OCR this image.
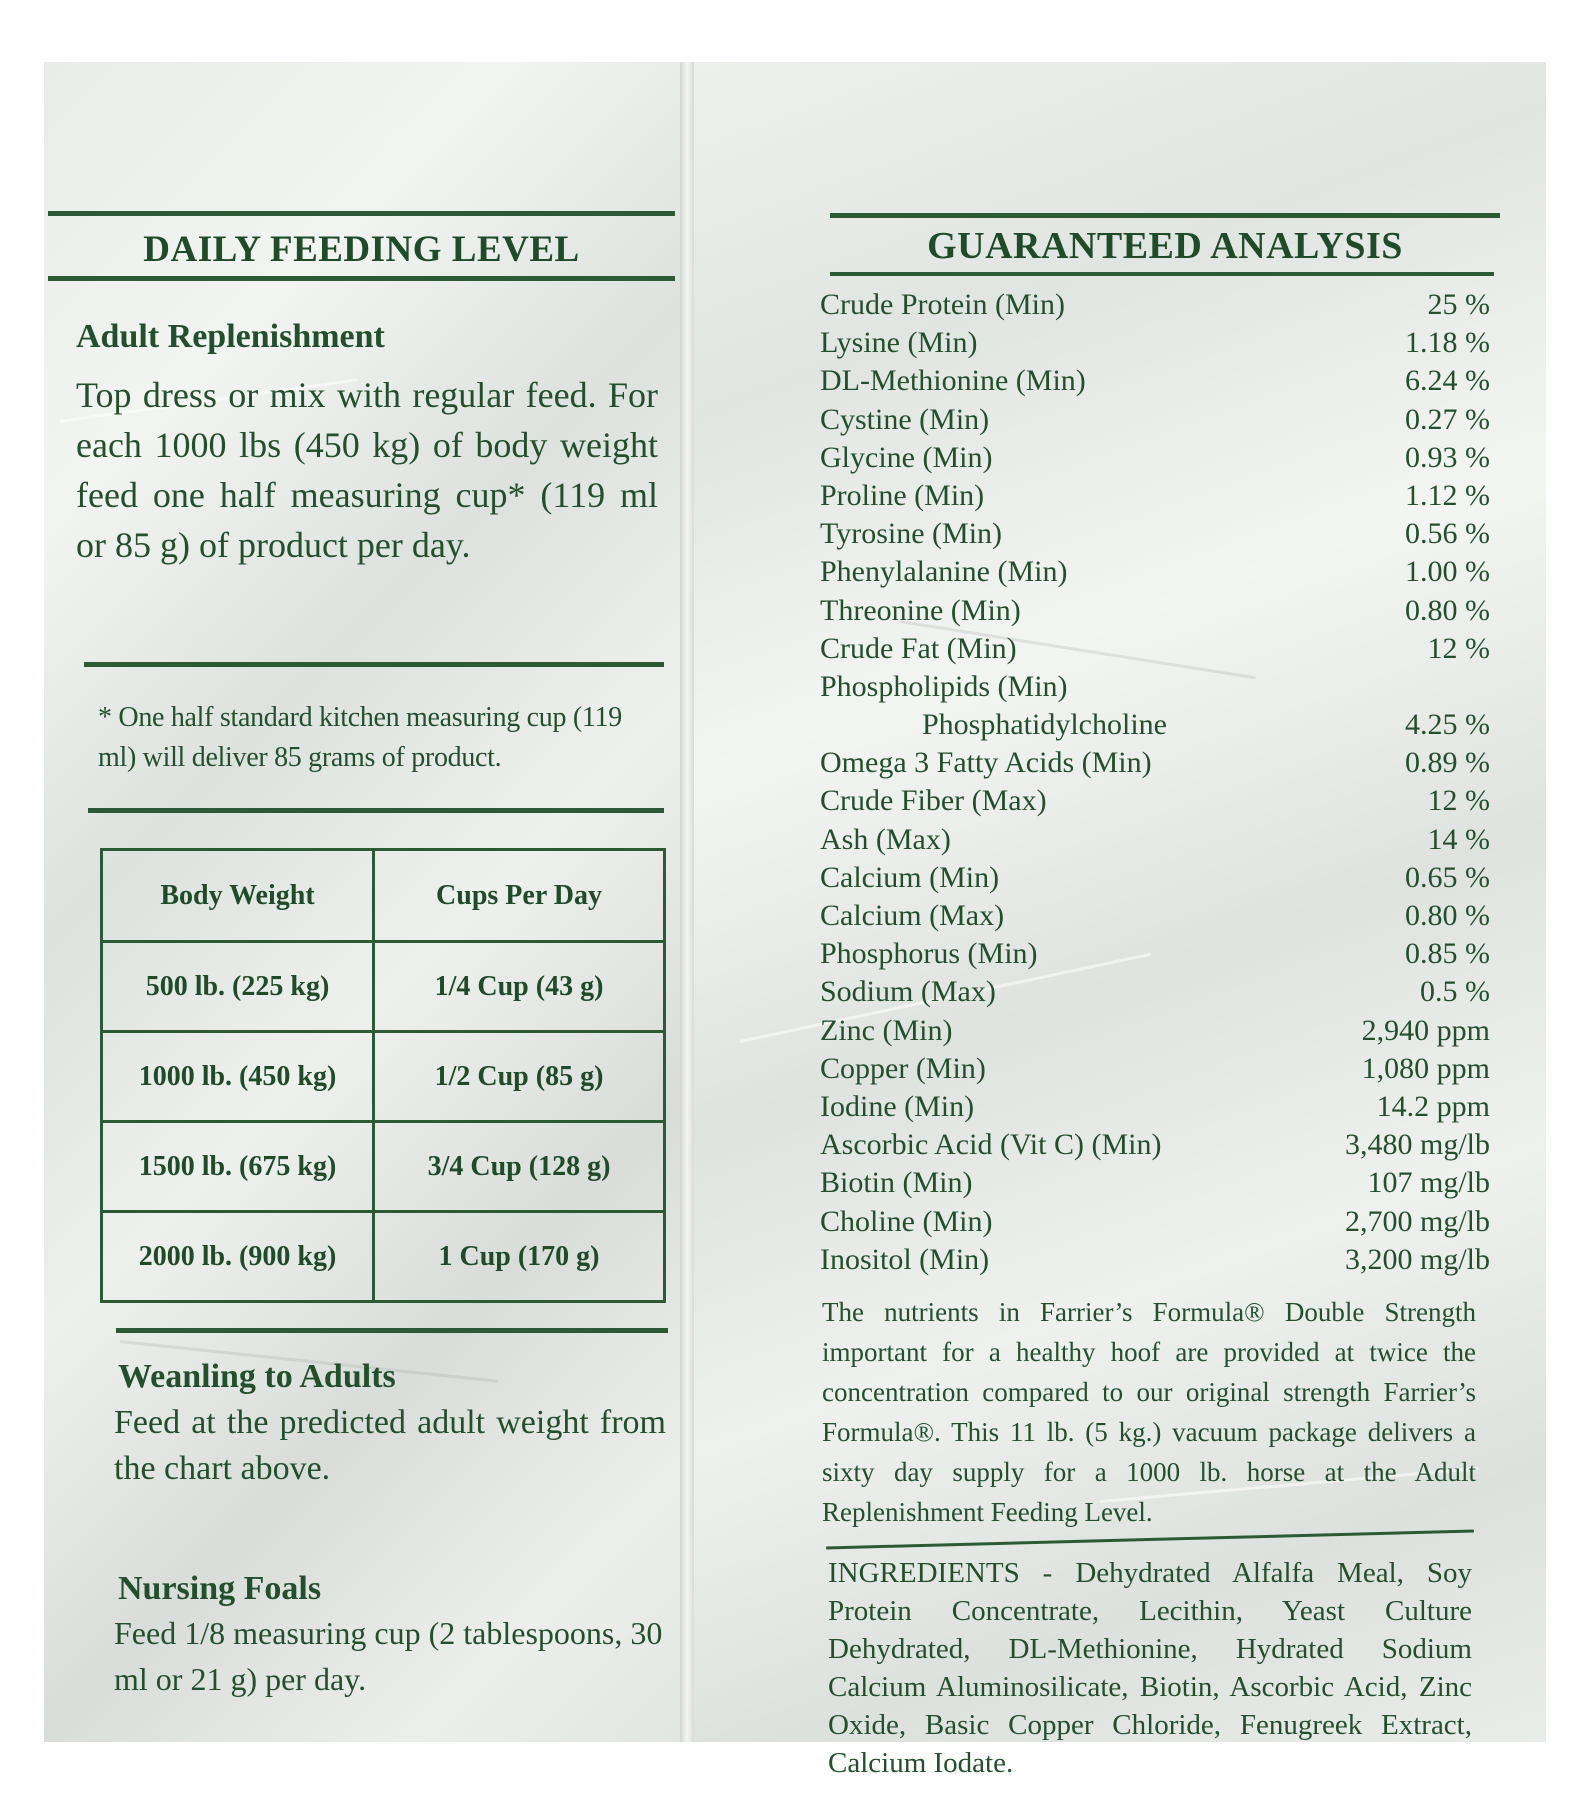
DAILY FEEDING LEVEL
Adult Replenishment
Top dress or mix with regular feed. For each 1000 lbs (450 kg) of body weight feed one half measuring cup* (119 ml or 85 g) of product per day.
* One half standard kitchen measuring cup (119 ml) will deliver 85 grams of product.
Body Weight	Cups Per Day
500 lb. (225 kg)	1/4 Cup (43 g)
1000 lb. (450 kg)	1/2 Cup (85 g)
1500 lb. (675 kg)	3/4 Cup (128 g)
2000 lb. (900 kg)	1 Cup (170 g)
Weanling to Adults
Feed at the predicted adult weight from the chart above.
Nursing Foals
Feed 1/8 measuring cup (2 tablespoons, 30 ml or 21 g) per day.
GUARANTEED ANALYSIS
Crude Protein (Min)	25 %
Lysine (Min)	1.18 %
DL-Methionine (Min)	6.24 %
Cystine (Min)	0.27 %
Glycine (Min)	0.93 %
Proline (Min)	1.12 %
Tyrosine (Min)	0.56 %
Phenylalanine (Min)	1.00 %
Threonine (Min)	0.80 %
Crude Fat (Min)	12 %
Phospholipids (Min)
Phosphatidylcholine	4.25 %
Omega 3 Fatty Acids (Min)	0.89 %
Crude Fiber (Max)	12 %
Ash (Max)	14 %
Calcium (Min)	0.65 %
Calcium (Max)	0.80 %
Phosphorus (Min)	0.85 %
Sodium (Max)	0.5 %
Zinc (Min)	2,940 ppm
Copper (Min)	1,080 ppm
Iodine (Min)	14.2 ppm
Ascorbic Acid (Vit C) (Min)	3,480 mg/lb
Biotin (Min)	107 mg/lb
Choline (Min)	2,700 mg/lb
Inositol (Min)	3,200 mg/lb
The nutrients in Farrier’s Formula® Double Strength important for a healthy hoof are provided at twice the concentration compared to our original strength Farrier’s Formula®. This 11 lb. (5 kg.) vacuum package delivers a sixty day supply for a 1000 lb. horse at the Adult Replenishment Feeding Level.
INGREDIENTS - Dehydrated Alfalfa Meal, Soy Protein Concentrate, Lecithin, Yeast Culture Dehydrated, DL-Methionine, Hydrated Sodium Calcium Aluminosilicate, Biotin, Ascorbic Acid, Zinc Oxide, Basic Copper Chloride, Fenugreek Extract, Calcium Iodate.
